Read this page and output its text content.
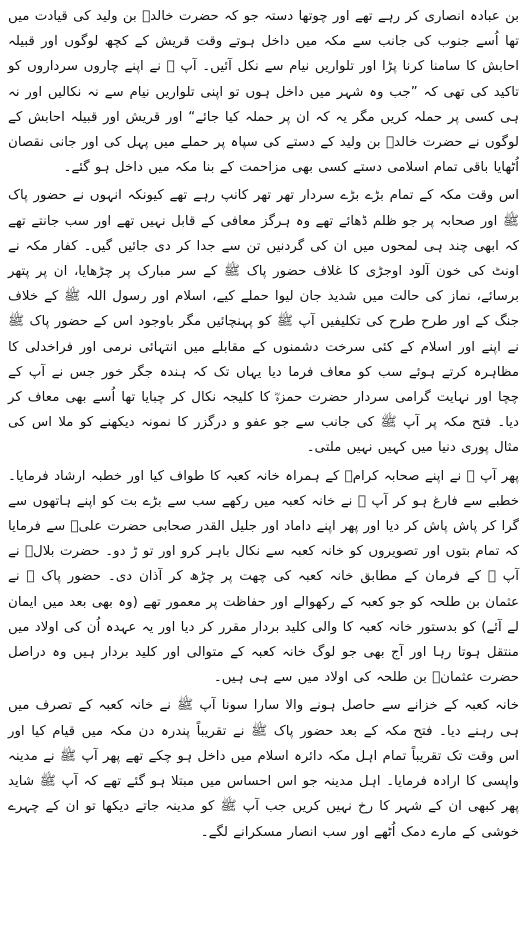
بن عبادہ انصاری کر رہے تھے اور چوتھا دستہ جو کہ حضرت خالدؓ بن ولید کی قیادت میں تھا اُسے جنوب کی جانب سے مکہ میں داخل ہوتے وقت قریش کے کچھ لوگوں اور قبیلہ احابش کا سامنا کرنا پڑا اور تلواریں نیام سے نکل آئیں۔ آپ ﷺ نے اپنے چاروں سرداروں کو تاکید کی تھی کہ ”جب وہ شہر میں داخل ہوں تو اپنی تلواریں نیام سے نہ نکالیں اور نہ ہی کسی پر حملہ کریں مگر یہ کہ ان پر حملہ کیا جائے“ اور قریش اور قبیلہ احابش کے لوگوں نے حضرت خالدؓ بن ولید کے دستے کی سپاہ پر حملے میں پہل کی اور جانی نقصان اُٹھایا باقی تمام اسلامی دستے کسی بھی مزاحمت کے بنا مکہ میں داخل ہو گئے۔

اس وقت مکہ کے تمام بڑے بڑے سردار تھر تھر کانپ رہے تھے کیونکہ انہوں نے حضور پاک ﷺ اور صحابہ پر جو ظلم ڈھائے تھے وہ ہرگز معافی کے قابل نہیں تھے اور سب جانتے تھے کہ ابھی چند ہی لمحوں میں ان کی گردنیں تن سے جدا کر دی جائیں گیں۔ کفار مکہ نے اونٹ کی خون آلود اوجڑی کا غلاف حضور پاک ﷺ کے سر مبارک پر چڑھایا، ان پر پتھر برسائے، نماز کی حالت میں شدید جان لیوا حملے کیے، اسلام اور رسول اللہ ﷺ کے خلاف جنگ کے اور طرح طرح کی تکلیفیں آپ ﷺ کو پہنچائیں مگر باوجود اس کے حضور پاک ﷺ نے اپنے اور اسلام کے کئی سرخت دشمنوں کے مقابلے میں انتہائی نرمی اور فراخدلی کا مظاہرہ کرتے ہوئے سب کو معاف فرما دیا یہاں تک کہ ہندہ جگر خور جس نے آپ کے چچا اور نہایت گرامی سردار حضرت حمزہؓ کا کلیجہ نکال کر چبایا تھا اُسے بھی معاف کر دیا۔ فتح مکہ پر آپ ﷺ کی جانب سے جو عفو و درگزر کا نمونہ دیکھنے کو ملا اس کی مثال پوری دنیا میں کہیں نہیں ملتی۔

پھر آپ ﷺ نے اپنے صحابہ کرامؓ کے ہمراہ خانہ کعبہ کا طواف کیا اور خطبہ ارشاد فرمایا۔ خطبے سے فارغ ہو کر آپ ﷺ نے خانہ کعبہ میں رکھے سب سے بڑے بت کو اپنے ہاتھوں سے گرا کر پاش پاش کر دیا اور پھر اپنے داماد اور جلیل القدر صحابی حضرت علیؓ سے فرمایا کہ تمام بتوں اور تصویروں کو خانہ کعبہ سے نکال باہر کرو اور تو ڑ دو۔ حضرت بلالؓ نے آپ ﷺ کے فرمان کے مطابق خانہ کعبہ کی چھت پر چڑھ کر آذان دی۔ حضور پاک ﷺ نے عثمان بن طلحہ کو جو کعبہ کے رکھوالے اور حفاظت پر معمور تھے (وہ بھی بعد میں ایمان لے آئے) کو بدستور خانہ کعبہ کا والی کلید بردار مقرر کر دیا اور یہ عہدہ اُن کی اولاد میں منتقل ہوتا رہا اور آج بھی جو لوگ خانہ کعبہ کے متوالی اور کلید بردار ہیں وہ دراصل حضرت عثمانؓ بن طلحہ کی اولاد میں سے ہی ہیں۔

خانہ کعبہ کے خزانے سے حاصل ہونے والا سارا سونا آپ ﷺ نے خانہ کعبہ کے تصرف میں ہی رہنے دیا۔ فتح مکہ کے بعد حضور پاک ﷺ نے تقریباً پندرہ دن مکہ میں قیام کیا اور اس وقت تک تقریباً تمام اہل مکہ دائرہ اسلام میں داخل ہو چکے تھے پھر آپ ﷺ نے مدینہ واپسی کا ارادہ فرمایا۔ اہل مدینہ جو اس احساس میں مبتلا ہو گئے تھے کہ آپ ﷺ شاید پھر کبھی ان کے شہر کا رخ نہیں کریں جب آپ ﷺ کو مدینہ جاتے دیکھا تو ان کے چہرے خوشی کے مارے دمک اُٹھے اور سب انصار مسکرانے لگے۔
